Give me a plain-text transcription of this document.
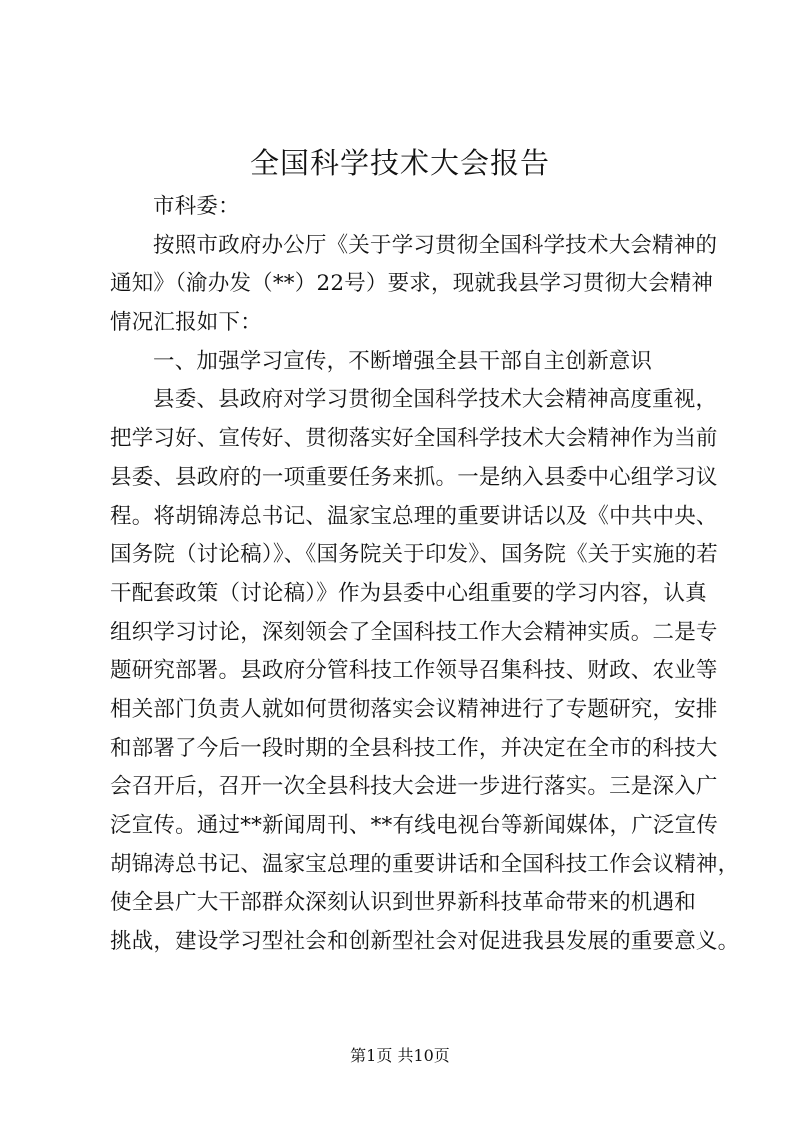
全国科学技术大会报告
市科委：
按照市政府办公厅《关于学习贯彻全国科学技术大会精神的
通知》（渝办发（**）22号）要求，现就我县学习贯彻大会精神
情况汇报如下：
一、加强学习宣传，不断增强全县干部自主创新意识
县委、县政府对学习贯彻全国科学技术大会精神高度重视，
把学习好、宣传好、贯彻落实好全国科学技术大会精神作为当前
县委、县政府的一项重要任务来抓。一是纳入县委中心组学习议
程。将胡锦涛总书记、温家宝总理的重要讲话以及《中共中央、
国务院（讨论稿）》、《国务院关于印发》、国务院《关于实施的若
干配套政策（讨论稿）》作为县委中心组重要的学习内容，认真
组织学习讨论，深刻领会了全国科技工作大会精神实质。二是专
题研究部署。县政府分管科技工作领导召集科技、财政、农业等
相关部门负责人就如何贯彻落实会议精神进行了专题研究，安排
和部署了今后一段时期的全县科技工作，并决定在全市的科技大
会召开后，召开一次全县科技大会进一步进行落实。三是深入广
泛宣传。通过**新闻周刊、**有线电视台等新闻媒体，广泛宣传
胡锦涛总书记、温家宝总理的重要讲话和全国科技工作会议精神，
使全县广大干部群众深刻认识到世界新科技革命带来的机遇和
挑战，建设学习型社会和创新型社会对促进我县发展的重要意义。
第1页 共10页
